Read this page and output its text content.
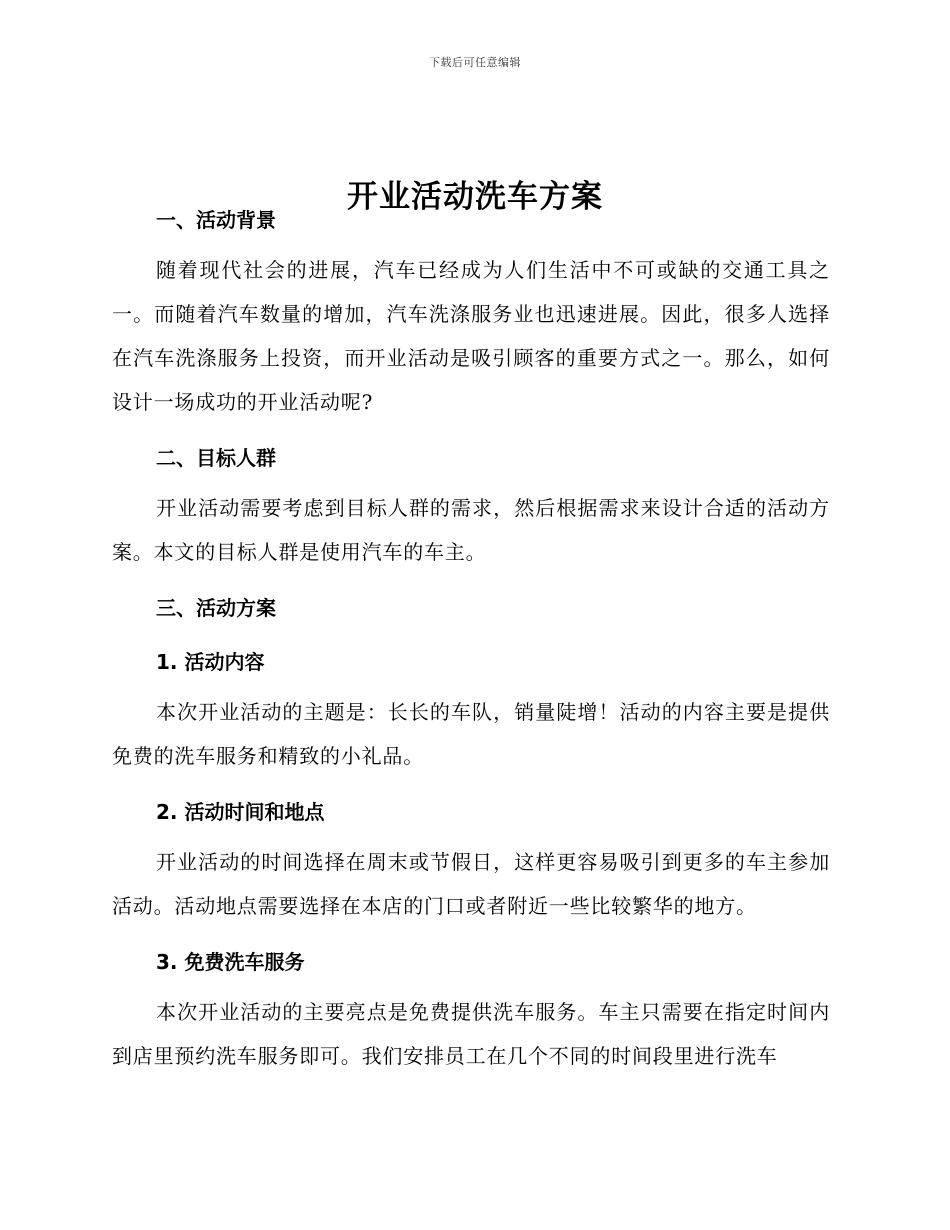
下载后可任意编辑
开业活动洗车方案
一、活动背景

随着现代社会的进展，汽车已经成为人们生活中不可或缺的交通工具之一。而随着汽车数量的增加，汽车洗涤服务业也迅速进展。因此，很多人选择在汽车洗涤服务上投资，而开业活动是吸引顾客的重要方式之一。那么，如何设计一场成功的开业活动呢?

二、目标人群

开业活动需要考虑到目标人群的需求，然后根据需求来设计合适的活动方案。本文的目标人群是使用汽车的车主。

三、活动方案
1. 活动内容

本次开业活动的主题是：长长的车队，销量陡增！活动的内容主要是提供免费的洗车服务和精致的小礼品。

2. 活动时间和地点

开业活动的时间选择在周末或节假日，这样更容易吸引到更多的车主参加活动。活动地点需要选择在本店的门口或者附近一些比较繁华的地方。

3. 免费洗车服务

本次开业活动的主要亮点是免费提供洗车服务。车主只需要在指定时间内到店里预约洗车服务即可。我们安排员工在几个不同的时间段里进行洗车
